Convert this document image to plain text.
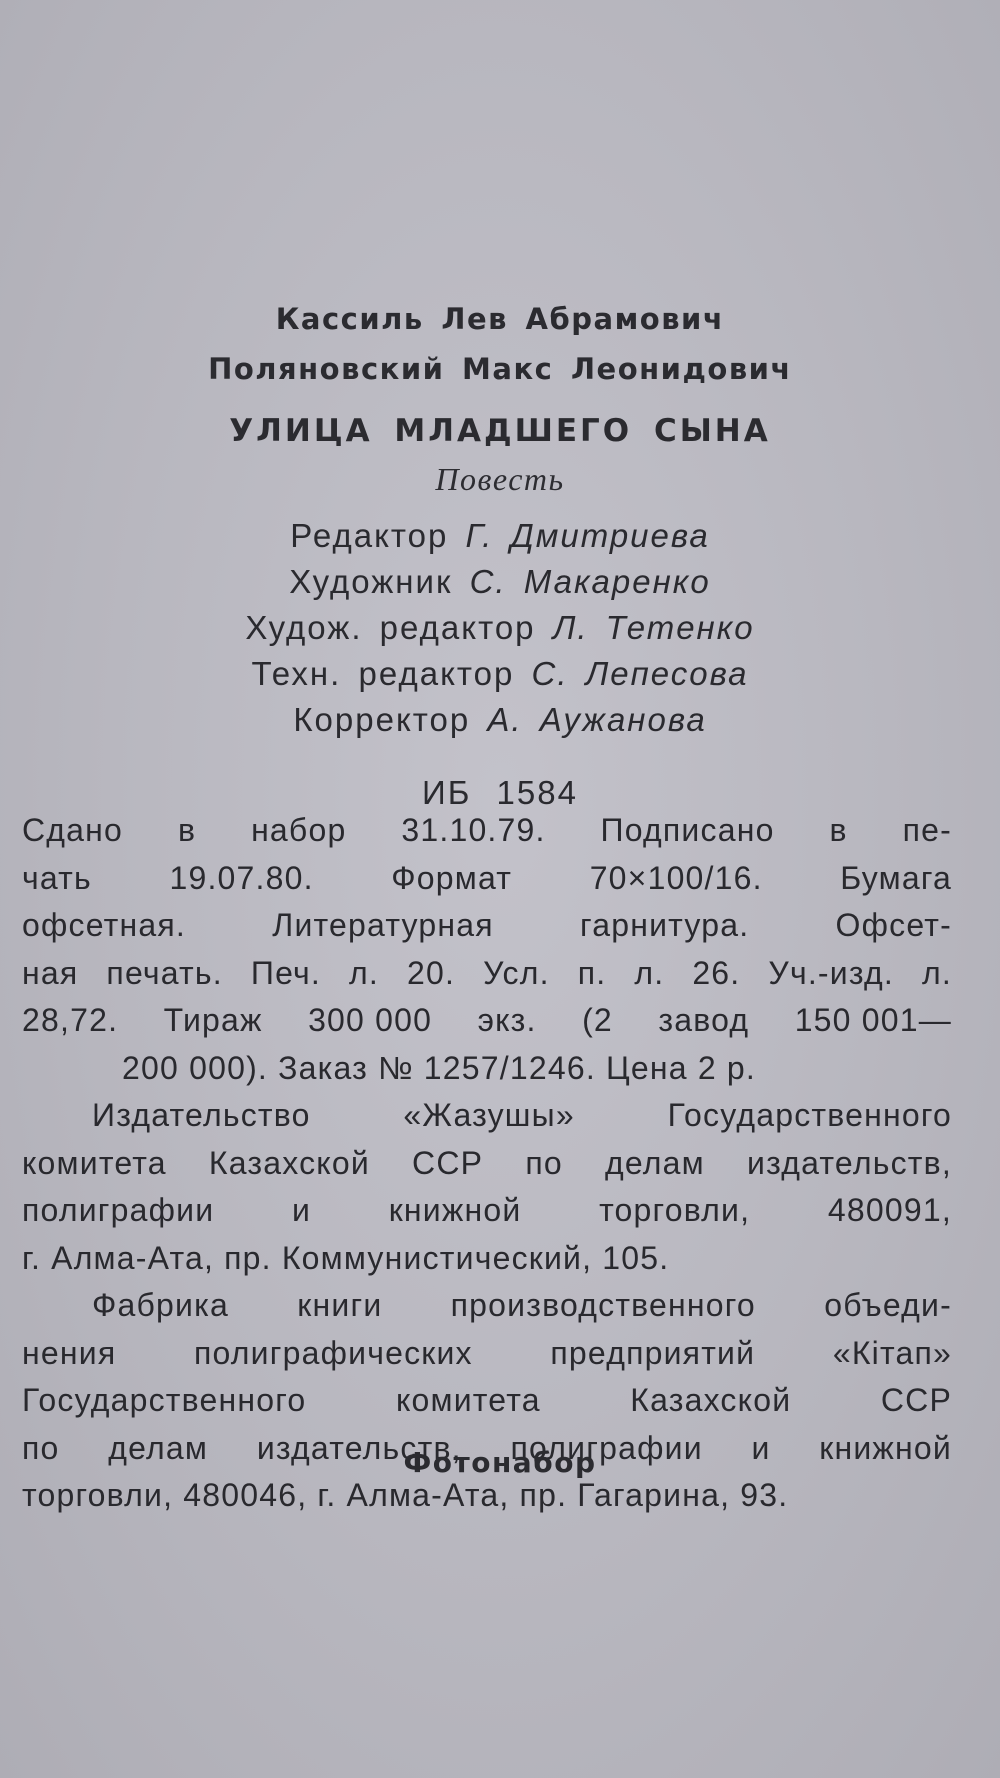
Кассиль Лев Абрамович
Поляновский Макс Леонидович
УЛИЦА МЛАДШЕГО СЫНА
Повесть
Редактор Г. Дмитриева
Художник С. Макаренко
Худож. редактор Л. Тетенко
Техн. редактор С. Лепесова
Корректор А. Аужанова
ИБ 1584
Сдано в набор 31.10.79. Подписано в пе-
чать 19.07.80. Формат 70×100/16. Бумага
офсетная.	Литературная	гарнитура.	Офсет-
ная печать. Печ. л. 20. Усл. п. л. 26. Уч.-изд. л.
28,72. Тираж 300 000 экз. (2 завод 150 001—
200 000). Заказ № 1257/1246. Цена 2 р.
Издательство	«Жазушы»	Государственного
комитета Казахской ССР по делам издательств,
полиграфии и книжной торговли, 480091,
г. Алма-Ата, пр. Коммунистический, 105.
Фабрика книги производственного объеди-
нения полиграфических предприятий «Кітап»
Государственного	комитета	Казахской	ССР
по делам издательств, полиграфии и книжной
торговли, 480046, г. Алма-Ата, пр. Гагарина, 93.
Фотонабор
